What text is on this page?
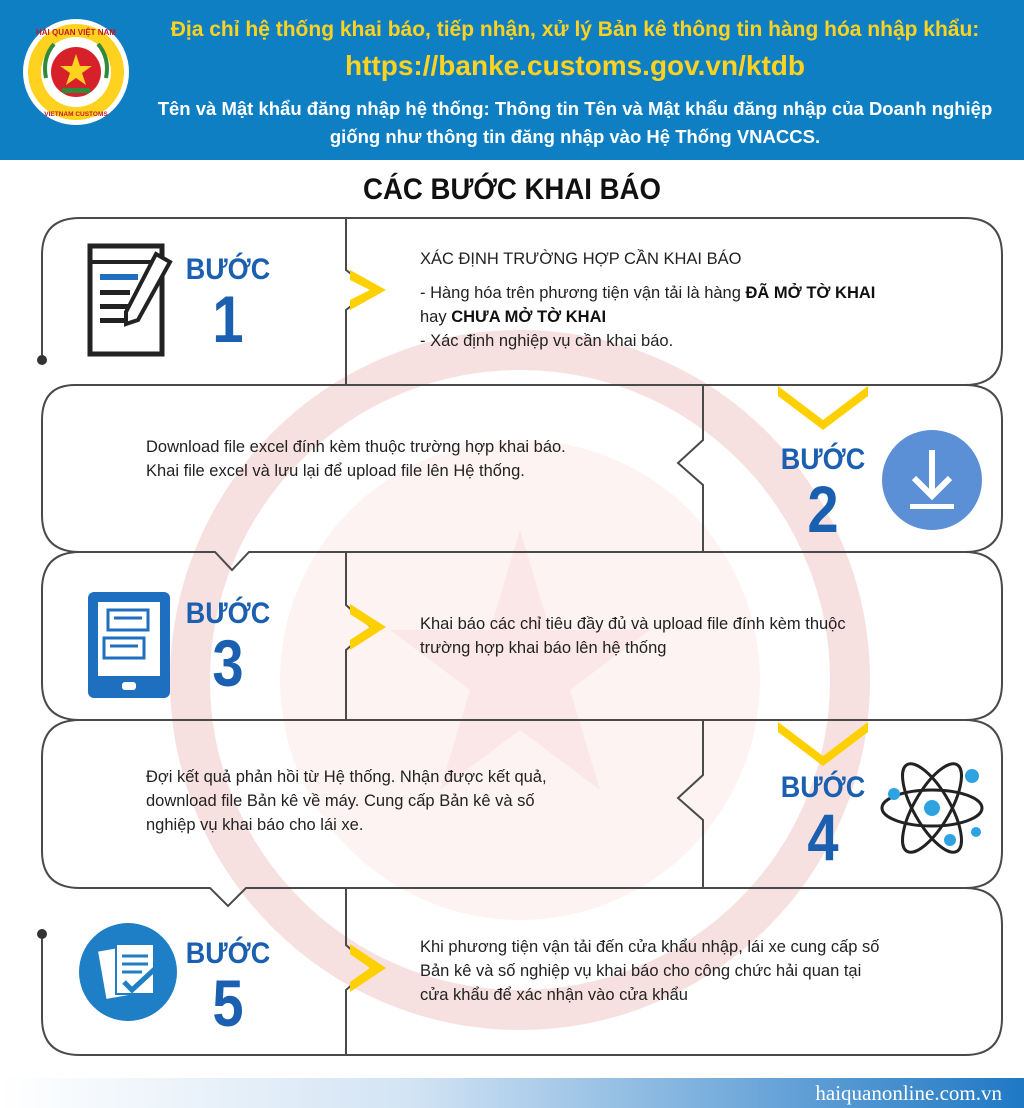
HẢI QUAN VIỆT NAM
VIETNAM CUSTOMS
Địa chỉ hệ thống khai báo, tiếp nhận, xử lý Bản kê thông tin hàng hóa nhập khẩu:
https://banke.customs.gov.vn/ktdb
Tên và Mật khẩu đăng nhập hệ thống: Thông tin Tên và Mật khẩu đăng nhập của Doanh nghiệp
giống như thông tin đăng nhập vào Hệ Thống VNACCS.
CÁC BƯỚC KHAI BÁO
BƯỚC
1
XÁC ĐỊNH TRƯỜNG HỢP CẦN KHAI BÁO
- Hàng hóa trên phương tiện vận tải là hàng ĐÃ MỞ TỜ KHAI
hay CHƯA MỞ TỜ KHAI
- Xác định nghiệp vụ cần khai báo.
Download file excel đính kèm thuộc trường hợp khai báo.
Khai file excel và lưu lại để upload file lên Hệ thống.	BƯỚC
2
BƯỚC
3
Khai báo các chỉ tiêu đầy đủ và upload file đính kèm thuộc
trường hợp khai báo lên hệ thống
Đợi kết quả phản hồi từ Hệ thống. Nhận được kết quả,
download file Bản kê về máy. Cung cấp Bản kê và số
nghiệp vụ khai báo cho lái xe.
BƯỚC
4
BƯỚC
5
Khi phương tiện vận tải đến cửa khẩu nhập, lái xe cung cấp số
Bản kê và số nghiệp vụ khai báo cho công chức hải quan tại
cửa khẩu để xác nhận vào cửa khẩu
haiquanonline.com.vn
